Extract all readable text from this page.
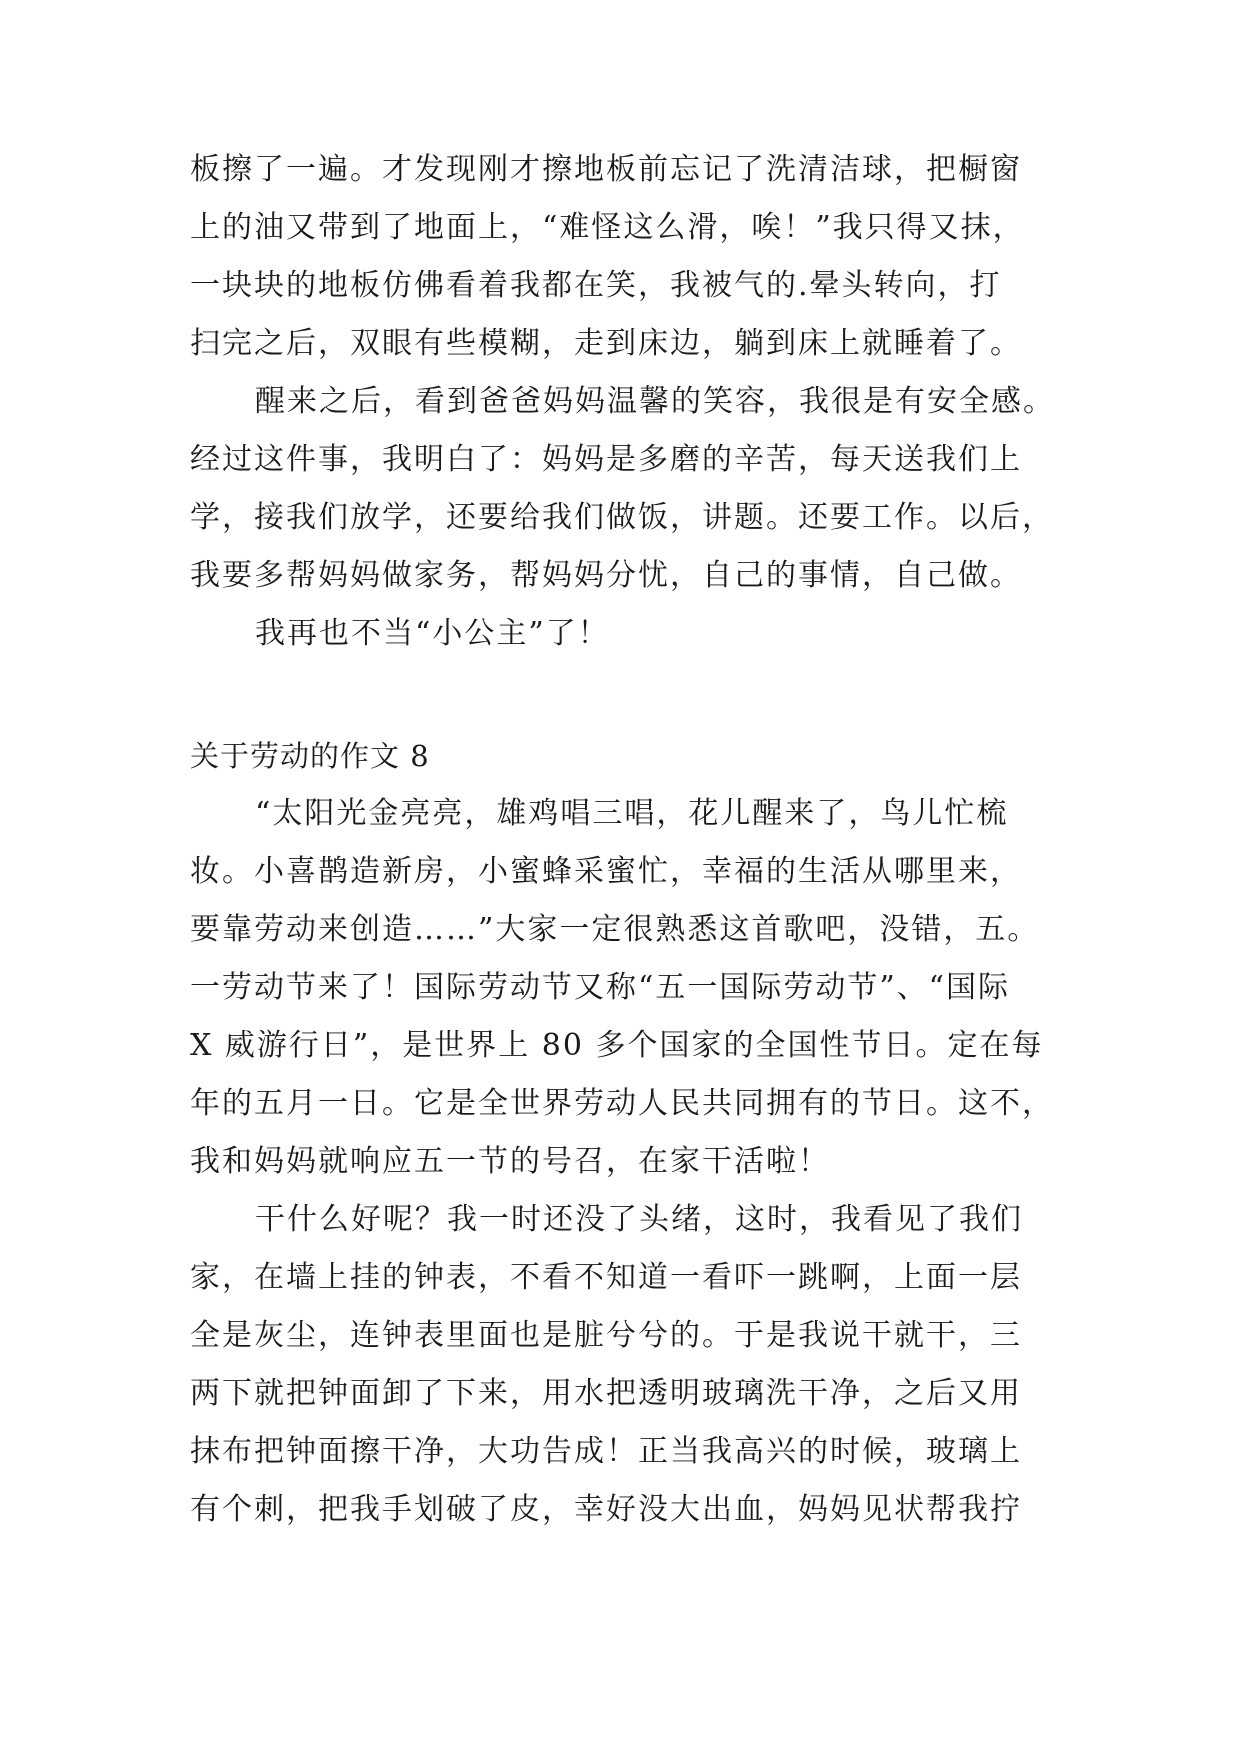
板擦了一遍。才发现刚才擦地板前忘记了洗清洁球，把橱窗
上的油又带到了地面上，“难怪这么滑，唉！”我只得又抹，
一块块的地板仿佛看着我都在笑，我被气的.晕头转向，打
扫完之后，双眼有些模糊，走到床边，躺到床上就睡着了。
醒来之后，看到爸爸妈妈温馨的笑容，我很是有安全感。
经过这件事，我明白了：妈妈是多磨的辛苦，每天送我们上
学，接我们放学，还要给我们做饭，讲题。还要工作。以后，
我要多帮妈妈做家务，帮妈妈分忧，自己的事情，自己做。
我再也不当“小公主”了！
关于劳动的作文 8
“太阳光金亮亮，雄鸡唱三唱，花儿醒来了，鸟儿忙梳
妆。小喜鹊造新房，小蜜蜂采蜜忙，幸福的生活从哪里来，
要靠劳动来创造……”大家一定很熟悉这首歌吧，没错，五。
一劳动节来了！国际劳动节又称“五一国际劳动节”、“国际
X 威游行日”，是世界上 80 多个国家的全国性节日。定在每
年的五月一日。它是全世界劳动人民共同拥有的节日。这不，
我和妈妈就响应五一节的号召，在家干活啦！
干什么好呢？我一时还没了头绪，这时，我看见了我们
家，在墙上挂的钟表，不看不知道一看吓一跳啊，上面一层
全是灰尘，连钟表里面也是脏兮兮的。于是我说干就干，三
两下就把钟面卸了下来，用水把透明玻璃洗干净，之后又用
抹布把钟面擦干净，大功告成！正当我高兴的时候，玻璃上
有个刺，把我手划破了皮，幸好没大出血，妈妈见状帮我拧
